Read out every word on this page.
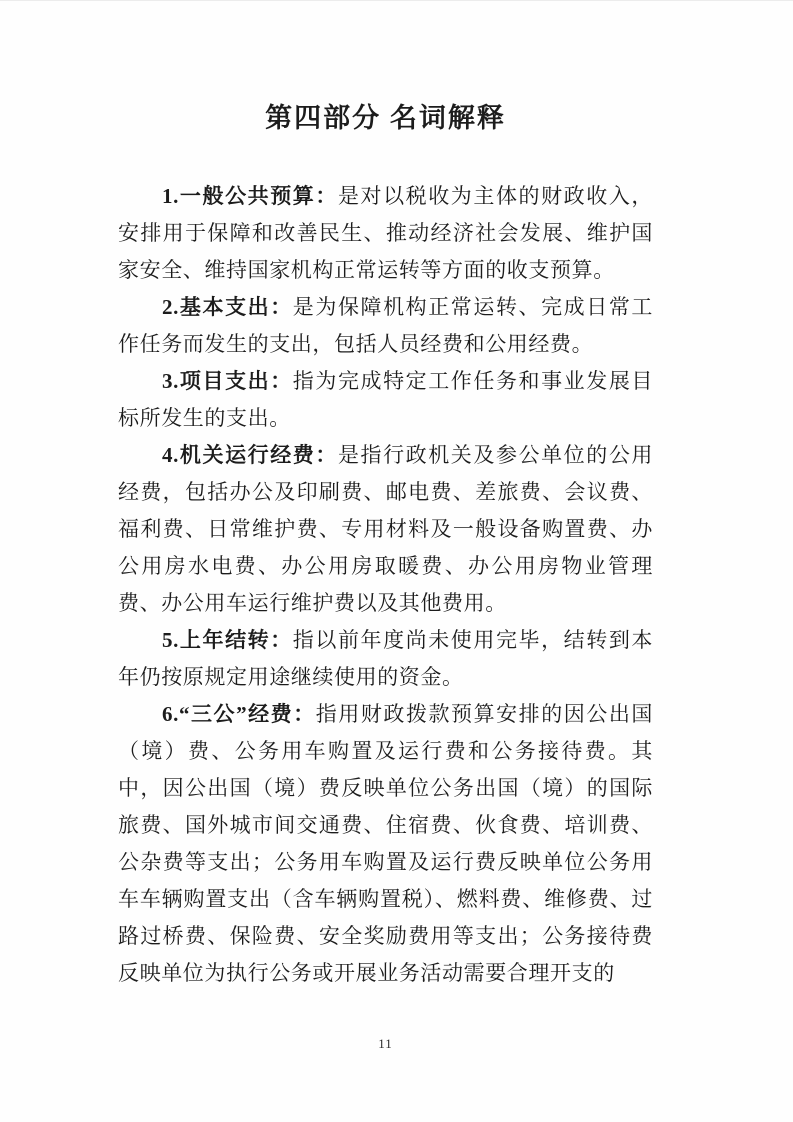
第四部分 名词解释

1.一般公共预算：是对以税收为主体的财政收入，安排用于保障和改善民生、推动经济社会发展、维护国家安全、维持国家机构正常运转等方面的收支预算。

2.基本支出：是为保障机构正常运转、完成日常工作任务而发生的支出，包括人员经费和公用经费。

3.项目支出：指为完成特定工作任务和事业发展目标所发生的支出。

4.机关运行经费：是指行政机关及参公单位的公用经费，包括办公及印刷费、邮电费、差旅费、会议费、福利费、日常维护费、专用材料及一般设备购置费、办公用房水电费、办公用房取暖费、办公用房物业管理费、办公用车运行维护费以及其他费用。

5.上年结转：指以前年度尚未使用完毕，结转到本年仍按原规定用途继续使用的资金。

6.“三公”经费：指用财政拨款预算安排的因公出国（境）费、公务用车购置及运行费和公务接待费。其中，因公出国（境）费反映单位公务出国（境）的国际旅费、国外城市间交通费、住宿费、伙食费、培训费、公杂费等支出；公务用车购置及运行费反映单位公务用车车辆购置支出（含车辆购置税）、燃料费、维修费、过路过桥费、保险费、安全奖励费用等支出；公务接待费反映单位为执行公务或开展业务活动需要合理开支的

11
